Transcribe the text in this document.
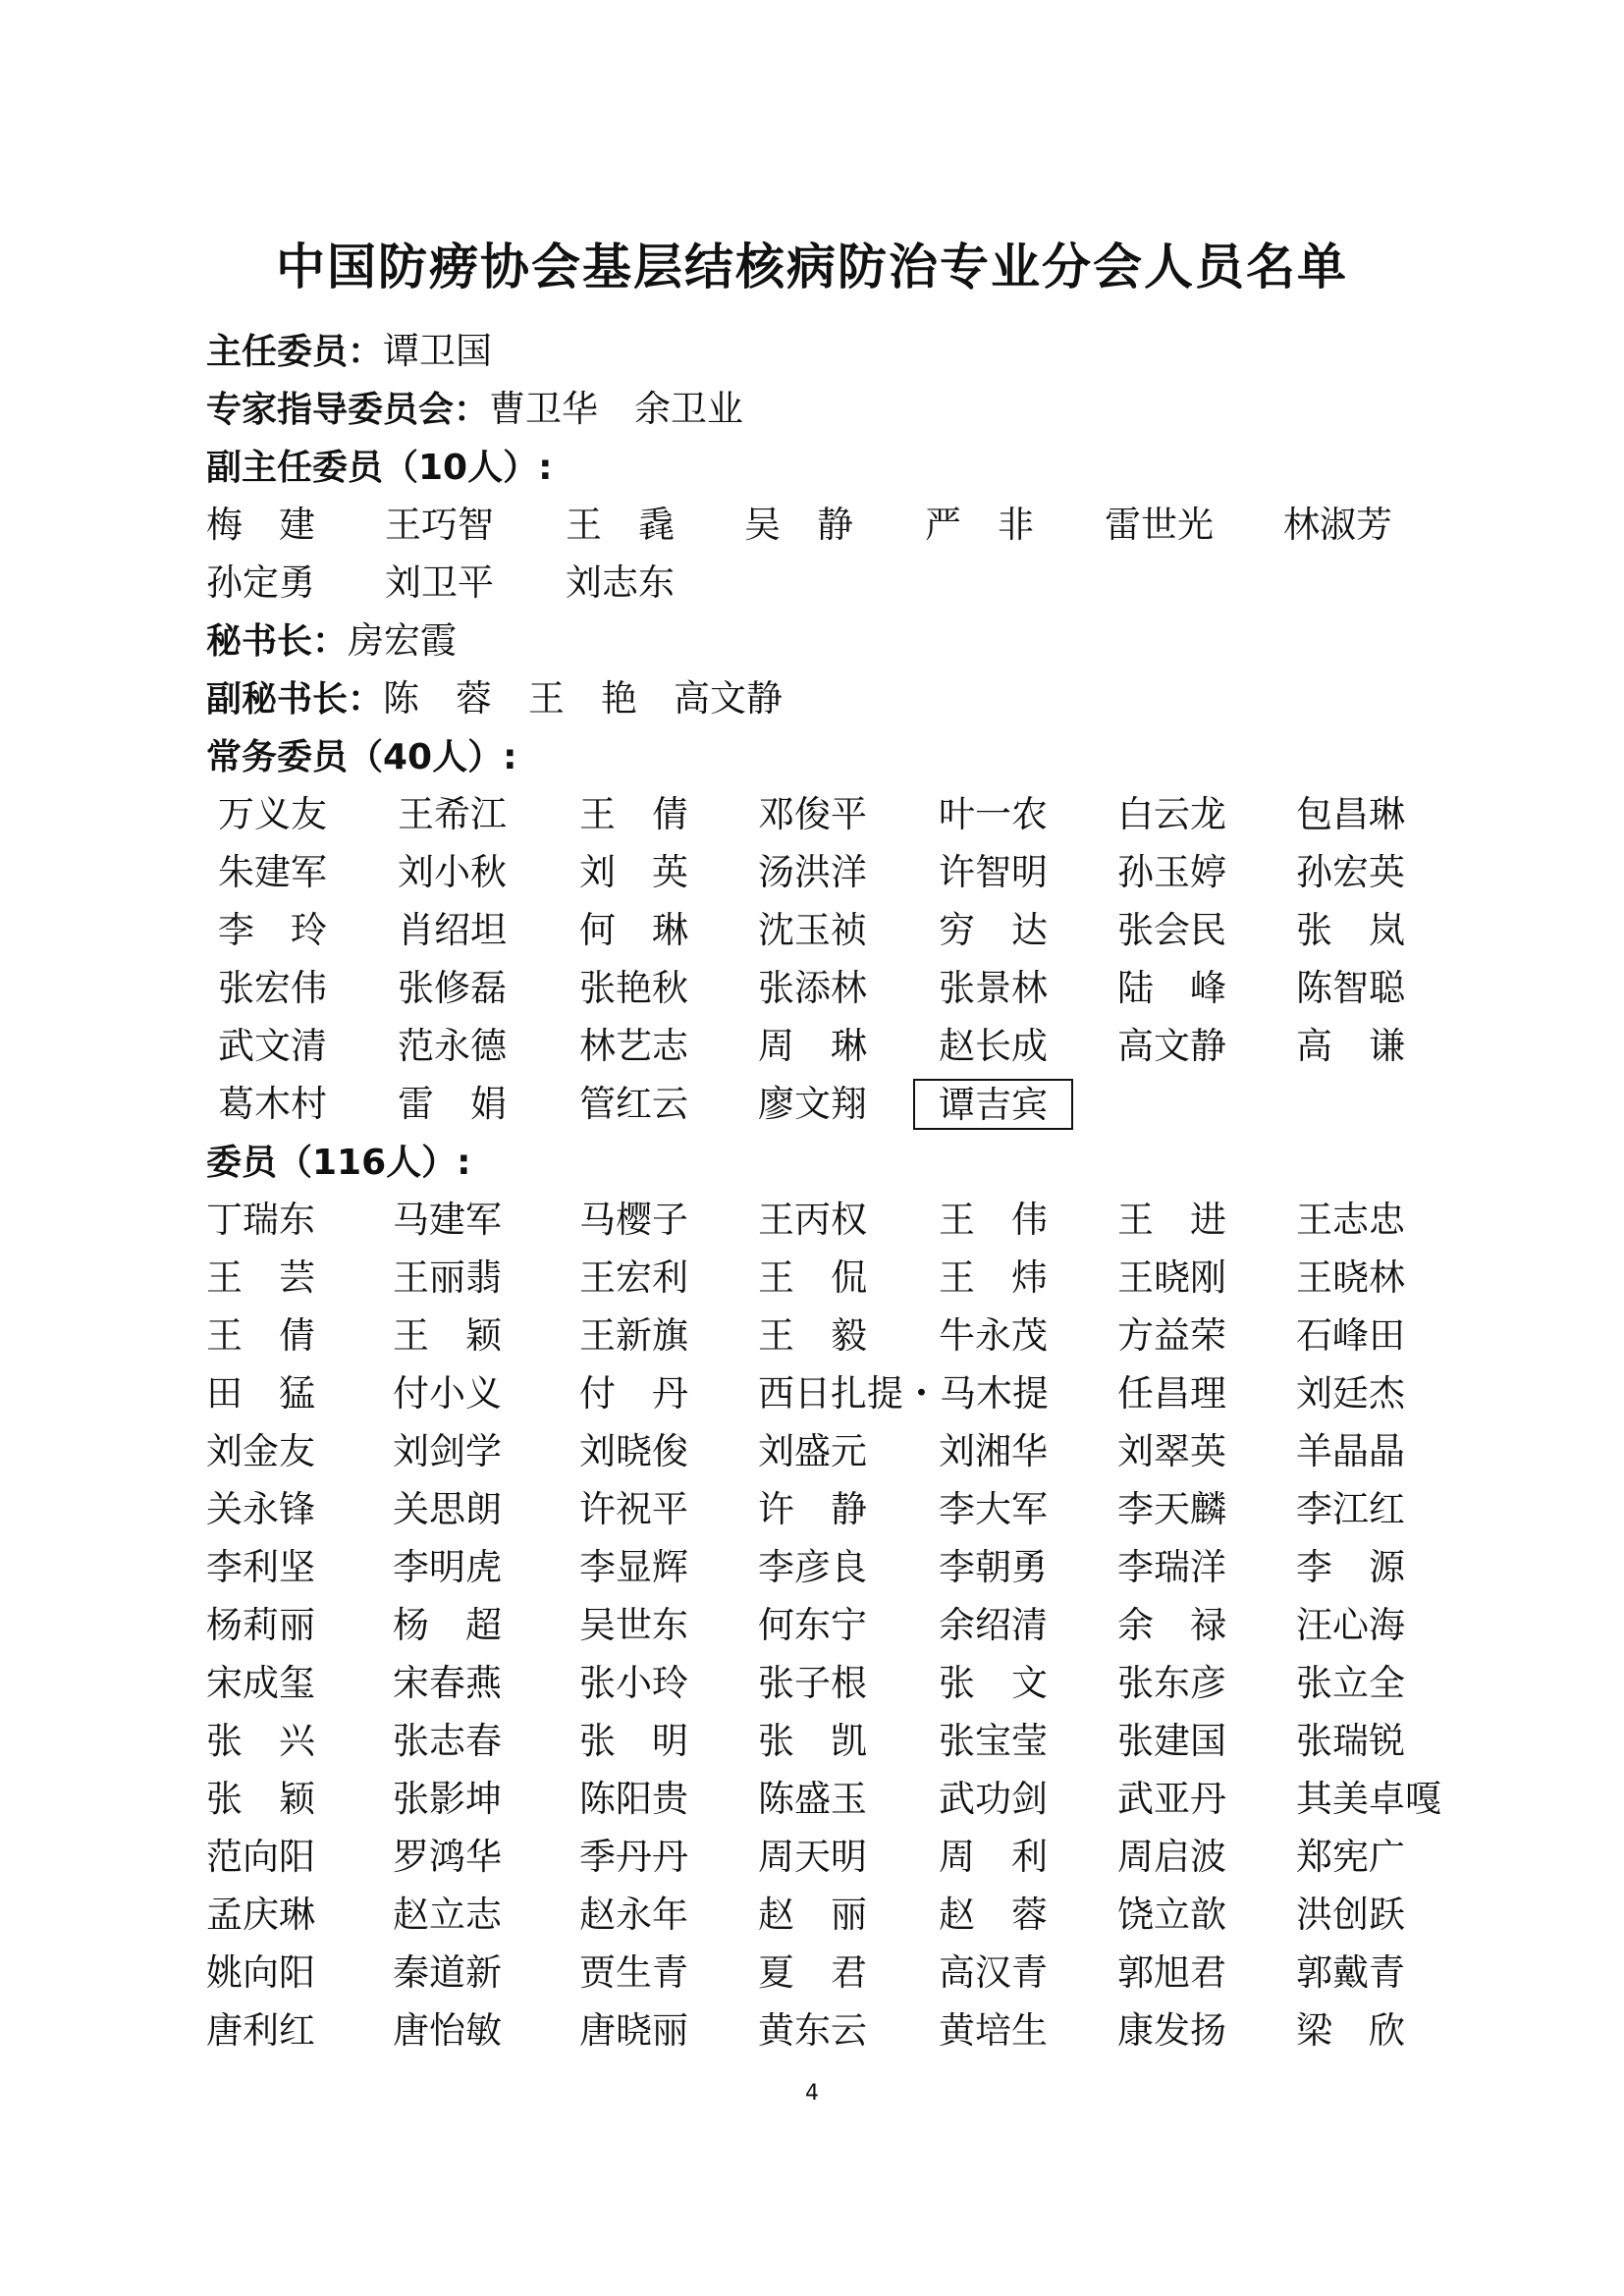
中国防痨协会基层结核病防治专业分会人员名单
主任委员：谭卫国
专家指导委员会：曹卫华　余卫业
副主任委员（10人）:
梅　建 王巧智 王　毳 吴　静 严　非 雷世光 林淑芳
孙定勇 刘卫平 刘志东
秘书长：房宏霞
副秘书长：陈　蓉　王　艳　高文静
常务委员（40人）:
万义友 王希江 王　倩 邓俊平 叶一农 白云龙 包昌琳
朱建军 刘小秋 刘　英 汤洪洋 许智明 孙玉婷 孙宏英
李　玲 肖绍坦 何　琳 沈玉祯 穷　达 张会民 张　岚
张宏伟 张修磊 张艳秋 张添林 张景林 陆　峰 陈智聪
武文清 范永德 林艺志 周　琳 赵长成 高文静 高　谦
葛木村 雷　娟 管红云 廖文翔	谭吉宾
委员（116人）:
丁瑞东 马建军 马樱子 王丙权 王　伟 王　进 王志忠
王　芸 王丽翡 王宏利 王　侃 王　炜 王晓刚 王晓林
王　倩 王　颖 王新旗 王　毅 牛永茂 方益荣 石峰田
田　猛 付小义 付　丹 西日扎提・马木提 任昌理 刘廷杰
刘金友 刘剑学 刘晓俊 刘盛元 刘湘华 刘翠英 羊晶晶
关永锋 关思朗 许祝平 许　静 李大军 李天麟 李江红
李利坚 李明虎 李显辉 李彦良 李朝勇 李瑞洋 李　源
杨莉丽 杨　超 吴世东 何东宁 余绍清 余　禄 汪心海
宋成玺 宋春燕 张小玲 张子根 张　文 张东彦 张立全
张　兴 张志春 张　明 张　凯 张宝莹 张建国 张瑞锐
张　颖 张影坤 陈阳贵 陈盛玉 武功剑 武亚丹 其美卓嘎
范向阳 罗鸿华 季丹丹 周天明 周　利 周启波 郑宪广
孟庆琳 赵立志 赵永年 赵　丽 赵　蓉 饶立歆 洪创跃
姚向阳 秦道新 贾生青 夏　君 高汉青 郭旭君 郭戴青
唐利红 唐怡敏 唐晓丽 黄东云 黄培生 康发扬 梁　欣
4
